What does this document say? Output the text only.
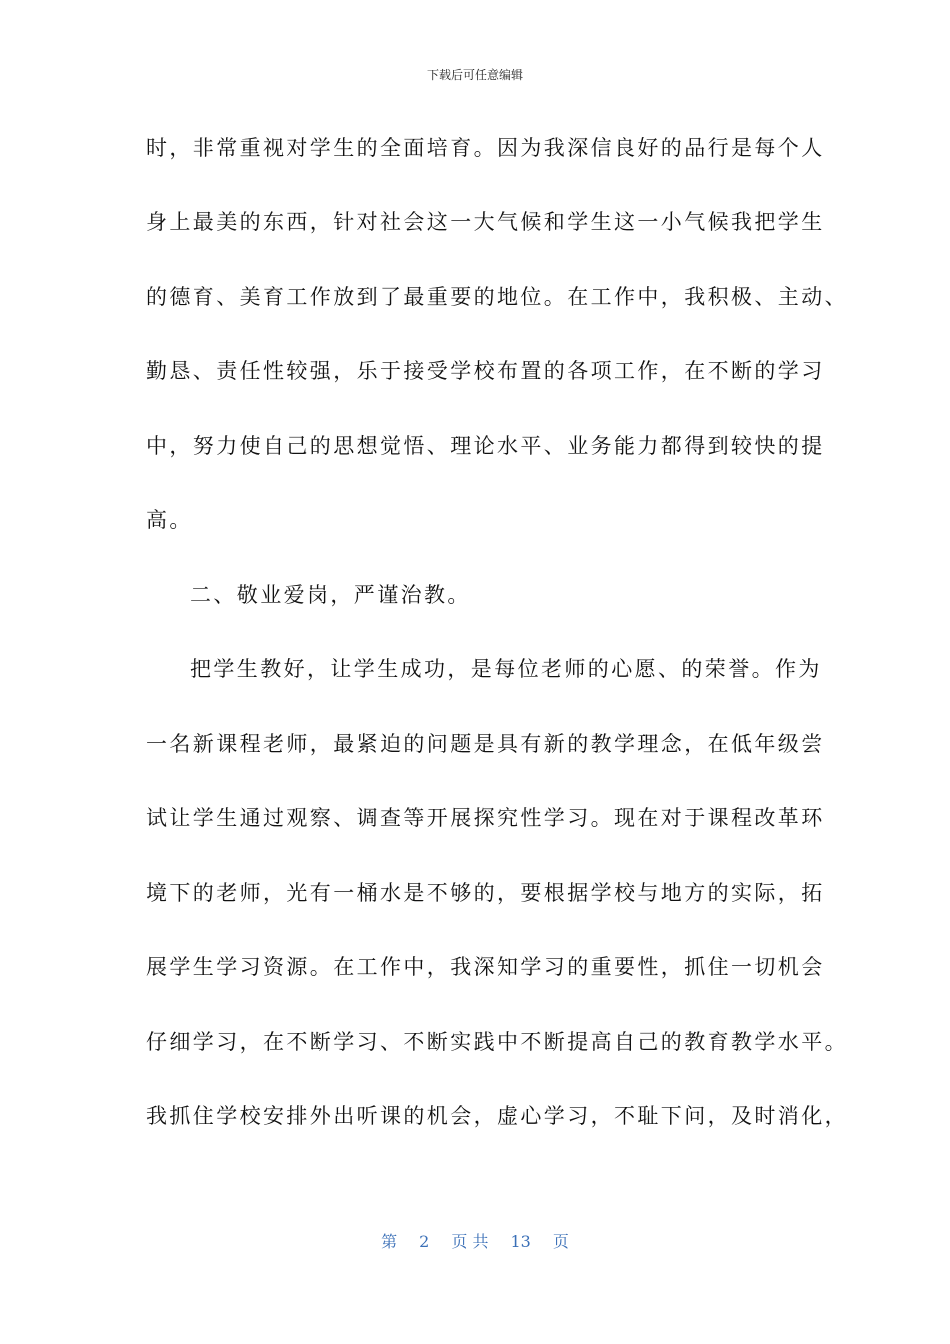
下载后可任意编辑
时，非常重视对学生的全面培育。因为我深信良好的品行是每个人
身上最美的东西，针对社会这一大气候和学生这一小气候我把学生
的德育、美育工作放到了最重要的地位。在工作中，我积极、主动、
勤恳、责任性较强，乐于接受学校布置的各项工作，在不断的学习
中，努力使自己的思想觉悟、理论水平、业务能力都得到较快的提
高。
二、敬业爱岗，严谨治教。
把学生教好，让学生成功，是每位老师的心愿、的荣誉。作为
一名新课程老师，最紧迫的问题是具有新的教学理念，在低年级尝
试让学生通过观察、调查等开展探究性学习。现在对于课程改革环
境下的老师，光有一桶水是不够的，要根据学校与地方的实际，拓
展学生学习资源。在工作中，我深知学习的重要性，抓住一切机会
仔细学习，在不断学习、不断实践中不断提高自己的教育教学水平。
我抓住学校安排外出听课的机会，虚心学习，不耻下问，及时消化，
第 2 页 共 13 页
